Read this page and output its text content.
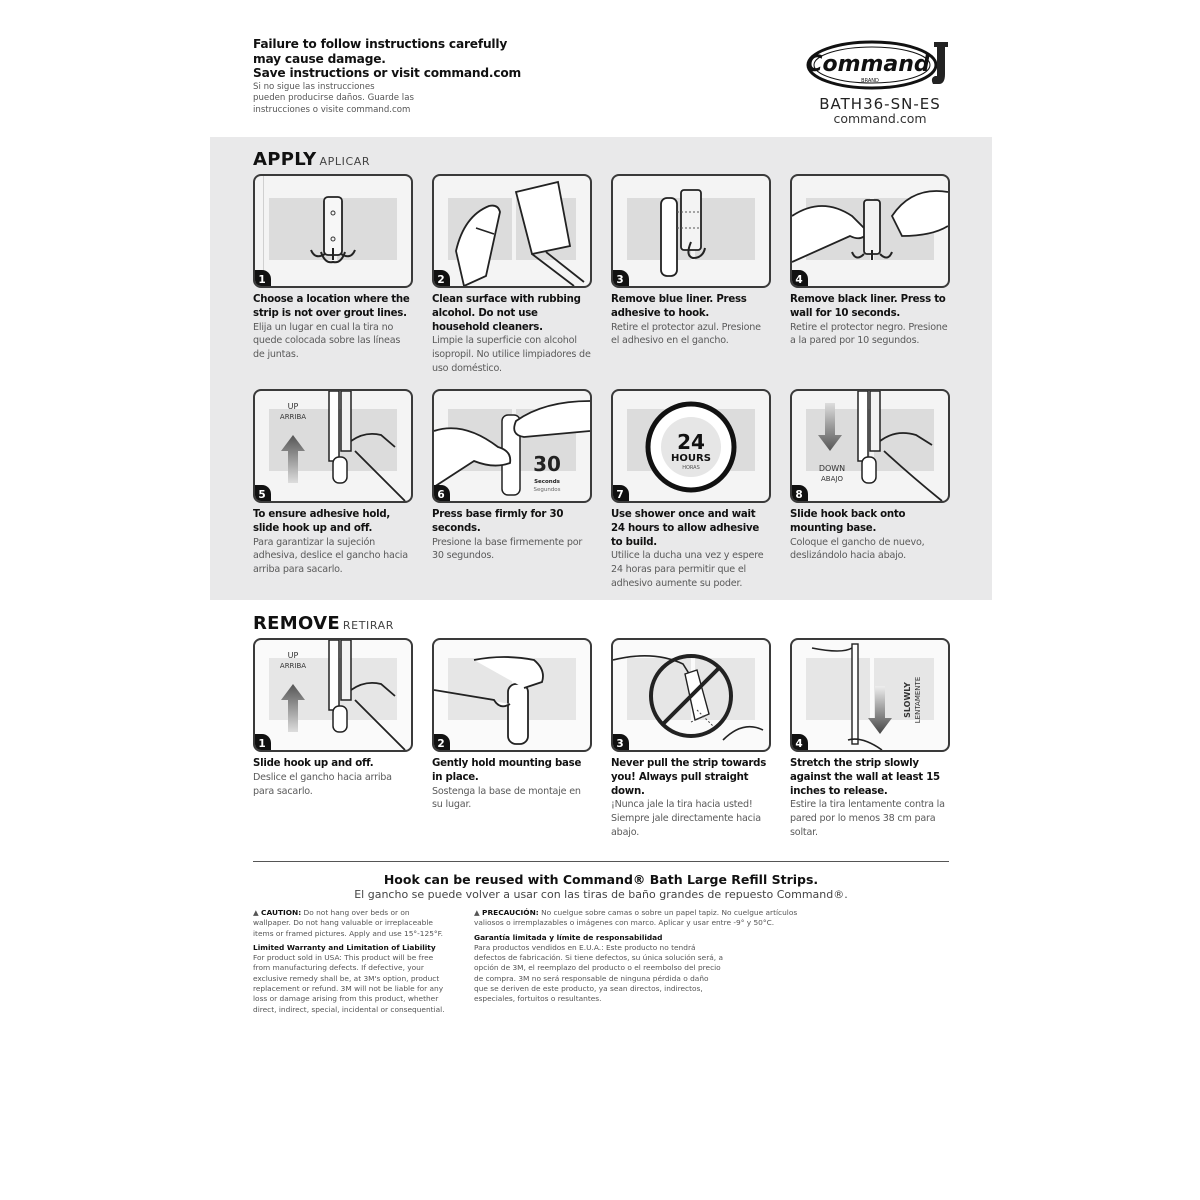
Failure to follow instructions carefully
may cause damage.
Save instructions or visit command.com
Si no sigue las instrucciones
pueden producirse daños. Guarde las
instrucciones o visite command.com
Command
BRAND
BATH36-SN-ES
command.com
APPLY APLICAR
1
Choose a location where the strip is not over grout lines.
Elija un lugar en cual la tira no quede colocada sobre las líneas de juntas.
2
Clean surface with rubbing alcohol. Do not use household cleaners.
Limpie la superficie con alcohol isopropil. No utilice limpiadores de uso doméstico.
3
Remove blue liner. Press adhesive to hook.
Retire el protector azul. Presione el adhesivo en el gancho.
4
Remove black liner. Press to wall for 10 seconds.
Retire el protector negro. Presione a la pared por 10 segundos.
UP
ARRIBA
5
To ensure adhesive hold, slide hook up and off.
Para garantizar la sujeción adhesiva, deslice el gancho hacia arriba para sacarlo.
30
Seconds
Segundos
6
Press base firmly for 30 seconds.
Presione la base firmemente por 30 segundos.
24
HOURS
HORAS
7
Use shower once and wait 24 hours to allow adhesive to build.
Utilice la ducha una vez y espere 24 horas para permitir que el adhesivo aumente su poder.
DOWN
ABAJO
8
Slide hook back onto mounting base.
Coloque el gancho de nuevo, deslizándolo hacia abajo.
REMOVE RETIRAR
UP
ARRIBA
1
Slide hook up and off.
Deslice el gancho hacia arriba para sacarlo.
2
Gently hold mounting base in place.
Sostenga la base de montaje en su lugar.
3
Never pull the strip towards you! Always pull straight down.
¡Nunca jale la tira hacia usted! Siempre jale directamente hacia abajo.
SLOWLY LENTAMENTE
4
Stretch the strip slowly against the wall at least 15 inches to release.
Estire la tira lentamente contra la pared por lo menos 38 cm para soltar.
Hook can be reused with Command® Bath Large Refill Strips.
El gancho se puede volver a usar con las tiras de baño grandes de repuesto Command®.
▲ CAUTION: Do not hang over beds or on wallpaper. Do not hang valuable or irreplaceable items or framed pictures. Apply and use 15°-125°F.
Limited Warranty and Limitation of Liability
For product sold in USA: This product will be free from manufacturing defects. If defective, your exclusive remedy shall be, at 3M's option, product replacement or refund. 3M will not be liable for any loss or damage arising from this product, whether direct, indirect, special, incidental or consequential.
▲ PRECAUCIÓN: No cuelgue sobre camas o sobre un papel tapiz. No cuelgue artículos valiosos o irremplazables o imágenes con marco. Aplicar y usar entre -9° y 50°C.
Garantía limitada y límite de responsabilidad
Para productos vendidos en E.U.A.: Este producto no tendrá defectos de fabricación. Si tiene defectos, su única solución será, a opción de 3M, el reemplazo del producto o el reembolso del precio de compra. 3M no será responsable de ninguna pérdida o daño que se deriven de este producto, ya sean directos, indirectos, especiales, fortuitos o resultantes.
